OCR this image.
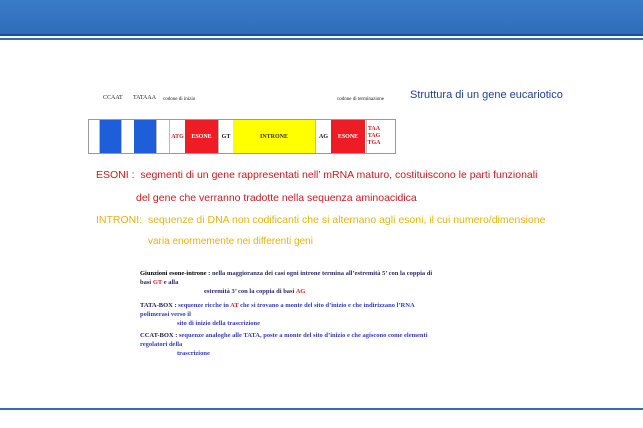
CCAAT TATAAA codone di inizio	codone di terminazione Struttura di un gene eucariotico
ATG	ESONE	GT	INTRONE	AG	ESONE
TAA
TAG
TGA
ESONI : segmenti di un gene rappresentati nell’ mRNA maturo, costituiscono le parti funzionali
del gene che verranno tradotte nella sequenza aminoacidica
INTRONI: sequenze di DNA non codificanti che si alternano agli esoni, il cui numero/dimensione
varia enormemente nei differenti geni
Giunzioni esone-introne : nella maggioranza dei casi ogni introne termina all’estremità 5’ con la coppia di basi GT e alla
estremità 3’ con la coppia di basi AG
TATA-BOX : sequenze ricche in AT che si trovano a monte del sito d’inizio e che indirizzano l’RNA polimerasi verso il
sito di inizio della trascrizione
CCAT-BOX : sequenze analoghe alle TATA, poste a monte del sito d’inizio e che agiscono come elementi regolatori della
trascrizione
